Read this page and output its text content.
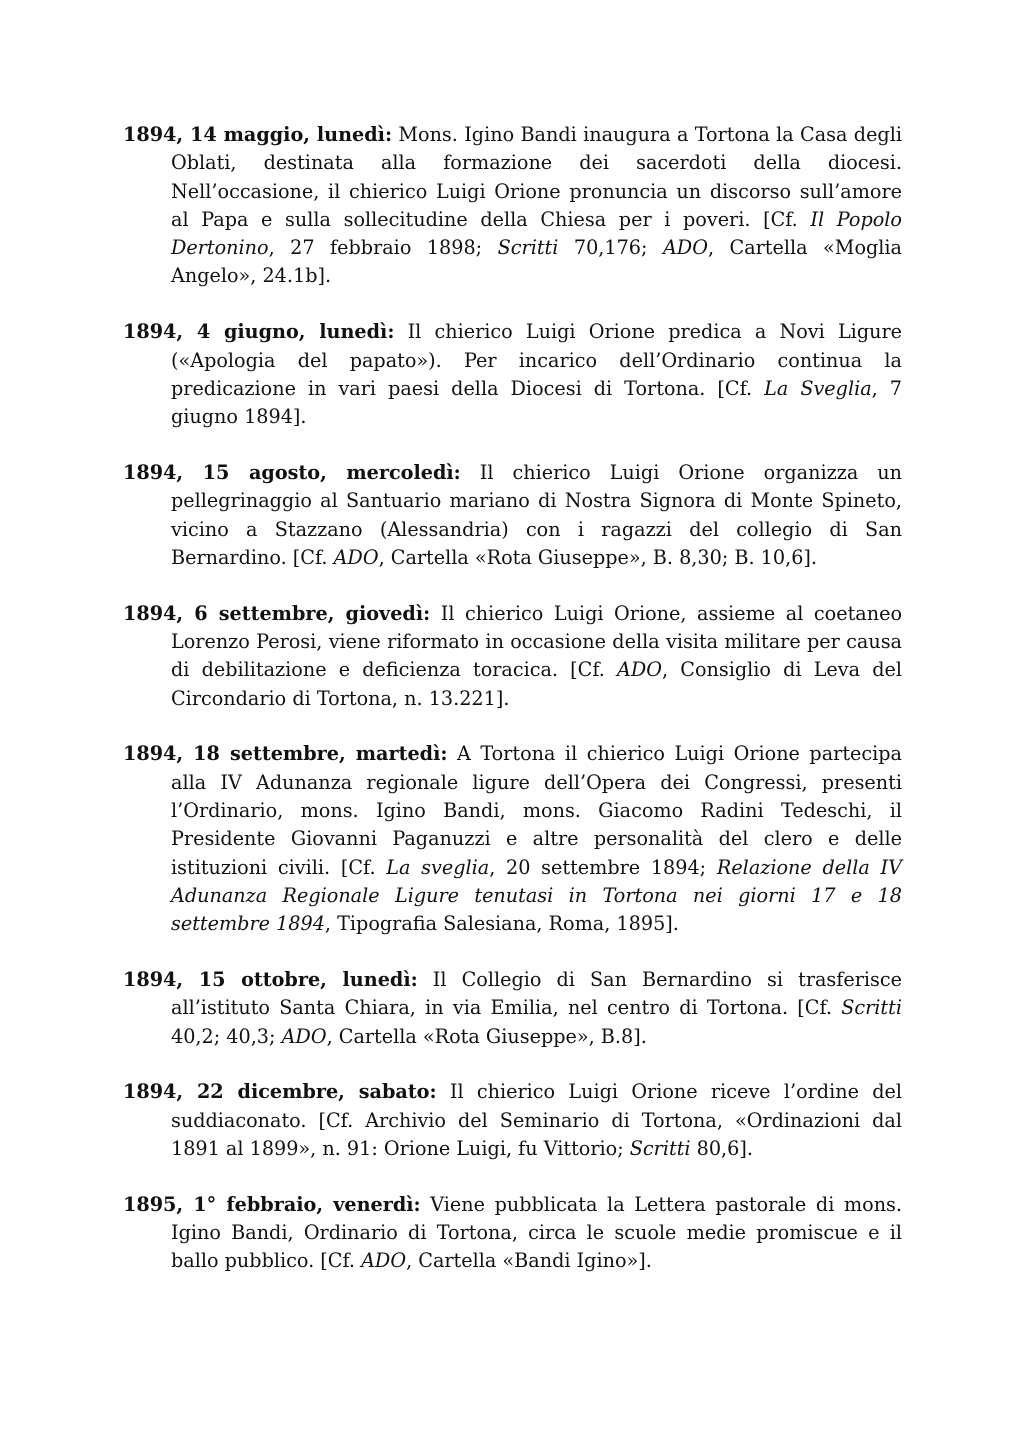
1894, 14 maggio, lunedì: Mons. Igino Bandi inaugura a Tortona la Casa degli Oblati, destinata alla formazione dei sacerdoti della diocesi. Nell’occasione, il chierico Luigi Orione pronuncia un discorso sull’amore al Papa e sulla sollecitudine della Chiesa per i poveri. [Cf. Il Popolo Dertonino, 27 febbraio 1898; Scritti 70,176; ADO, Cartella «Moglia Angelo», 24.1b].

1894, 4 giugno, lunedì: Il chierico Luigi Orione predica a Novi Ligure («Apologia del papato»). Per incarico dell’Ordinario continua la predicazione in vari paesi della Diocesi di Tortona. [Cf. La Sveglia, 7 giugno 1894].

1894, 15 agosto, mercoledì: Il chierico Luigi Orione organizza un pellegrinaggio al Santuario mariano di Nostra Signora di Monte Spineto, vicino a Stazzano (Alessandria) con i ragazzi del collegio di San Bernardino. [Cf. ADO, Cartella «Rota Giuseppe», B. 8,30; B. 10,6].

1894, 6 settembre, giovedì: Il chierico Luigi Orione, assieme al coetaneo Lorenzo Perosi, viene riformato in occasione della visita militare per causa di debilitazione e deficienza toracica. [Cf. ADO, Consiglio di Leva del Circondario di Tortona, n. 13.221].

1894, 18 settembre, martedì: A Tortona il chierico Luigi Orione partecipa alla IV Adunanza regionale ligure dell’Opera dei Congressi, presenti l’Ordinario, mons. Igino Bandi, mons. Giacomo Radini Tedeschi, il Presidente Giovanni Paganuzzi e altre personalità del clero e delle istituzioni civili. [Cf. La sveglia, 20 settembre 1894; Relazione della IV Adunanza Regionale Ligure tenutasi in Tortona nei giorni 17 e 18 settembre 1894, Tipografia Salesiana, Roma, 1895].

1894, 15 ottobre, lunedì: Il Collegio di San Bernardino si trasferisce all’istituto Santa Chiara, in via Emilia, nel centro di Tortona. [Cf. Scritti 40,2; 40,3; ADO, Cartella «Rota Giuseppe», B.8].

1894, 22 dicembre, sabato: Il chierico Luigi Orione riceve l’ordine del suddiaconato. [Cf. Archivio del Seminario di Tortona, «Ordinazioni dal 1891 al 1899», n. 91: Orione Luigi, fu Vittorio; Scritti 80,6].

1895, 1° febbraio, venerdì: Viene pubblicata la Lettera pastorale di mons. Igino Bandi, Ordinario di Tortona, circa le scuole medie promiscue e il ballo pubblico. [Cf. ADO, Cartella «Bandi Igino»].
